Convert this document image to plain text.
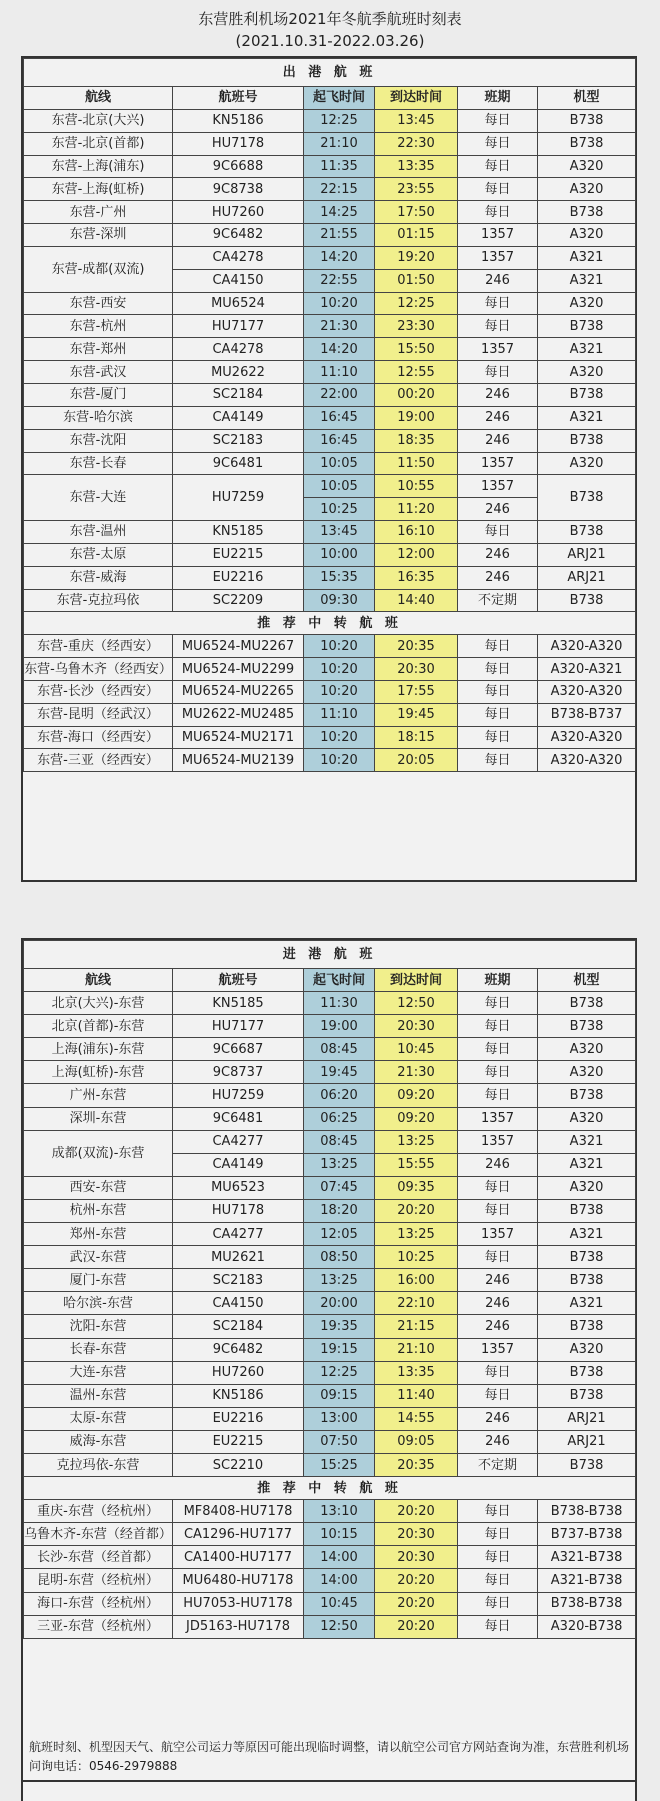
东营胜利机场2021年冬航季航班时刻表
(2021.10.31-2022.03.26)
出 港 航 班					
航线	航班号	起飞时间	到达时间	班期	机型
东营-北京(大兴)	KN5186	12:25	13:45	每日	B738
东营-北京(首都)	HU7178	21:10	22:30	每日	B738
东营-上海(浦东)	9C6688	11:35	13:35	每日	A320
东营-上海(虹桥)	9C8738	22:15	23:55	每日	A320
东营-广州	HU7260	14:25	17:50	每日	B738
东营-深圳	9C6482	21:55	01:15	1357	A320
东营-成都(双流)	CA4278	14:20	19:20	1357	A321
	CA4150	22:55	01:50	246	A321
东营-西安	MU6524	10:20	12:25	每日	A320
东营-杭州	HU7177	21:30	23:30	每日	B738
东营-郑州	CA4278	14:20	15:50	1357	A321
东营-武汉	MU2622	11:10	12:55	每日	A320
东营-厦门	SC2184	22:00	00:20	246	B738
东营-哈尔滨	CA4149	16:45	19:00	246	A321
东营-沈阳	SC2183	16:45	18:35	246	B738
东营-长春	9C6481	10:05	11:50	1357	A320
东营-大连	HU7259	10:05	10:55	1357	B738
		10:25	11:20	246	
东营-温州	KN5185	13:45	16:10	每日	B738
东营-太原	EU2215	10:00	12:00	246	ARJ21
东营-威海	EU2216	15:35	16:35	246	ARJ21
东营-克拉玛依	SC2209	09:30	14:40	不定期	B738
推 荐 中 转 航 班					
东营-重庆（经西安）	MU6524-MU2267	10:20	20:35	每日	A320-A320
东营-乌鲁木齐（经西安）	MU6524-MU2299	10:20	20:30	每日	A320-A321
东营-长沙（经西安）	MU6524-MU2265	10:20	17:55	每日	A320-A320
东营-昆明（经武汉）	MU2622-MU2485	11:10	19:45	每日	B738-B737
东营-海口（经西安）	MU6524-MU2171	10:20	18:15	每日	A320-A320
东营-三亚（经西安）	MU6524-MU2139	10:20	20:05	每日	A320-A320
进 港 航 班					
航线	航班号	起飞时间	到达时间	班期	机型
北京(大兴)-东营	KN5185	11:30	12:50	每日	B738
北京(首都)-东营	HU7177	19:00	20:30	每日	B738
上海(浦东)-东营	9C6687	08:45	10:45	每日	A320
上海(虹桥)-东营	9C8737	19:45	21:30	每日	A320
广州-东营	HU7259	06:20	09:20	每日	B738
深圳-东营	9C6481	06:25	09:20	1357	A320
成都(双流)-东营	CA4277	08:45	13:25	1357	A321
	CA4149	13:25	15:55	246	A321
西安-东营	MU6523	07:45	09:35	每日	A320
杭州-东营	HU7178	18:20	20:20	每日	B738
郑州-东营	CA4277	12:05	13:25	1357	A321
武汉-东营	MU2621	08:50	10:25	每日	B738
厦门-东营	SC2183	13:25	16:00	246	B738
哈尔滨-东营	CA4150	20:00	22:10	246	A321
沈阳-东营	SC2184	19:35	21:15	246	B738
长春-东营	9C6482	19:15	21:10	1357	A320
大连-东营	HU7260	12:25	13:35	每日	B738
温州-东营	KN5186	09:15	11:40	每日	B738
太原-东营	EU2216	13:00	14:55	246	ARJ21
威海-东营	EU2215	07:50	09:05	246	ARJ21
克拉玛依-东营	SC2210	15:25	20:35	不定期	B738
推 荐 中 转 航 班					
重庆-东营（经杭州）	MF8408-HU7178	13:10	20:20	每日	B738-B738
乌鲁木齐-东营（经首都）	CA1296-HU7177	10:15	20:30	每日	B737-B738
长沙-东营（经首都）	CA1400-HU7177	14:00	20:30	每日	A321-B738
昆明-东营（经杭州）	MU6480-HU7178	14:00	20:20	每日	A321-B738
海口-东营（经杭州）	HU7053-HU7178	10:45	20:20	每日	B738-B738
三亚-东营（经杭州）	JD5163-HU7178	12:50	20:20	每日	A320-B738
航班时刻、机型因天气、航空公司运力等原因可能出现临时调整，请以航空公司官方网站查询为准，东营胜利机场问询电话：0546-2979888
